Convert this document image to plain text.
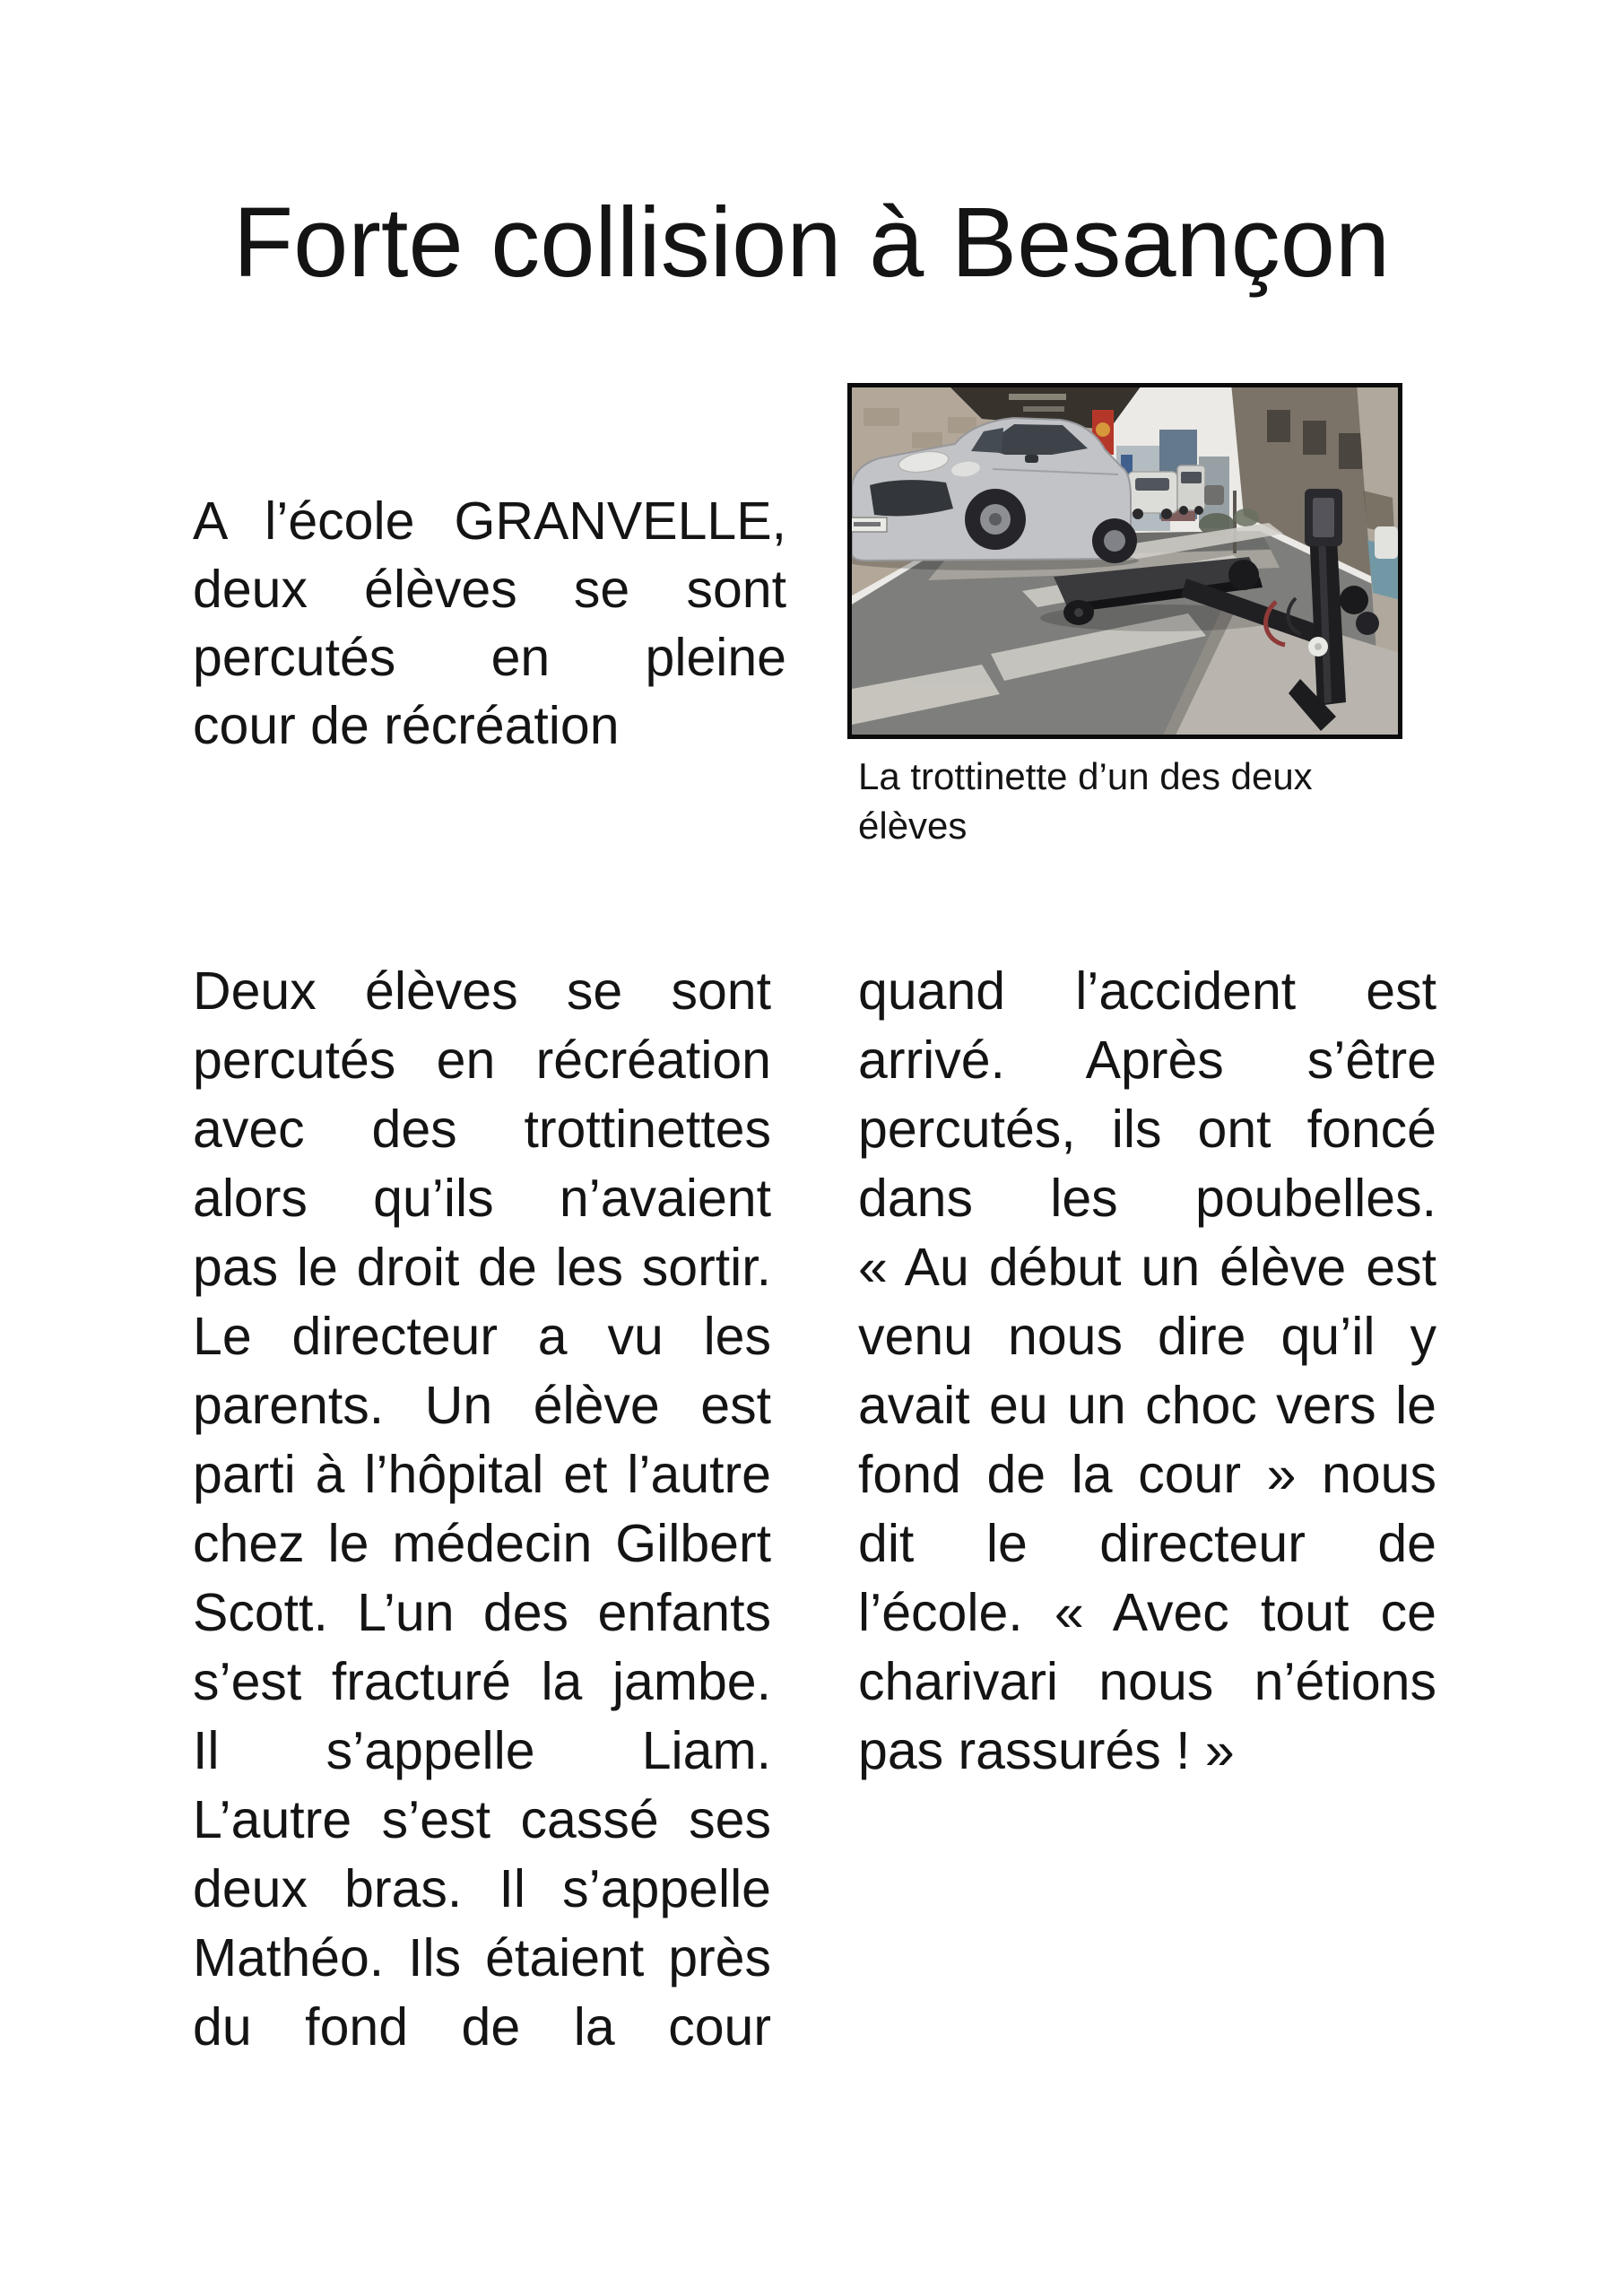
Forte collision à Besançon
A l’école GRANVELLE,
deux élèves se sont
percutés en pleine
cour de récréation

La trottinette d’un des deux
élèves

Deux élèves se sont
percutés en récréation
avec des trottinettes
alors qu’ils n’avaient
pas le droit de les sortir.
Le directeur a vu les
parents. Un élève est
parti à l’hôpital et l’autre
chez le médecin Gilbert
Scott. L’un des enfants
s’est fracturé la jambe.
Il s’appelle Liam.
L’autre s’est cassé ses
deux bras. Il s’appelle
Mathéo. Ils étaient près
du fond de la cour
quand l’accident est
arrivé. Après s’être
percutés, ils ont foncé
dans les poubelles.
« Au début un élève est
venu nous dire qu’il y
avait eu un choc vers le
fond de la cour » nous
dit le directeur de
l’école. « Avec tout ce
charivari nous n’étions
pas rassurés ! »
